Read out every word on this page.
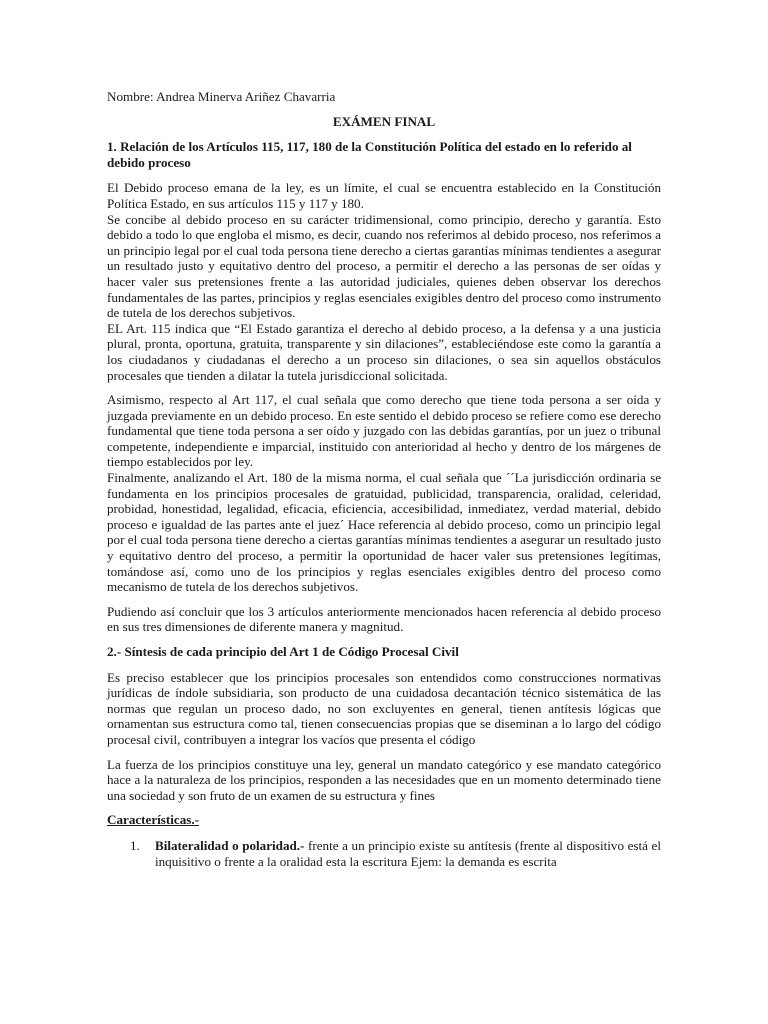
Nombre: Andrea Minerva Ariñez Chavarria
EXÁMEN FINAL
1. Relación de los Artículos 115, 117, 180 de la Constitución Política del estado en lo referido al debido proceso

El Debido proceso emana de la ley, es un límite, el cual se encuentra establecido en la Constitución Política Estado, en sus artículos 115 y 117 y 180.

Se concibe al debido proceso en su carácter tridimensional, como principio, derecho y garantía. Esto debido a todo lo que engloba el mismo, es decir, cuando nos referimos al debido proceso, nos referimos a un principio legal por el cual toda persona tiene derecho a ciertas garantías mínimas tendientes a asegurar un resultado justo y equitativo dentro del proceso, a permitir el derecho a las personas de ser oídas y hacer valer sus pretensiones frente a las autoridad judiciales, quienes deben observar los derechos fundamentales de las partes, principios y reglas esenciales exigibles dentro del proceso como instrumento de tutela de los derechos subjetivos.

EL Art. 115 indica que “El Estado garantiza el derecho al debido proceso, a la defensa y a una justicia plural, pronta, oportuna, gratuita, transparente y sin dilaciones”, estableciéndose este como la garantía a los ciudadanos y ciudadanas el derecho a un proceso sin dilaciones, o sea sin aquellos obstáculos procesales que tienden a dilatar la tutela jurisdiccional solicitada.

Asimismo, respecto al Art 117, el cual señala que como derecho que tiene toda persona a ser oída y juzgada previamente en un debido proceso. En este sentido el debido proceso se refiere como ese derecho fundamental que tiene toda persona a ser oído y juzgado con las debidas garantías, por un juez o tribunal competente, independiente e imparcial, instituido con anterioridad al hecho y dentro de los márgenes de tiempo establecidos por ley.

Finalmente, analizando el Art. 180 de la misma norma, el cual señala que ´´La jurisdicción ordinaria se fundamenta en los principios procesales de gratuidad, publicidad, transparencia, oralidad, celeridad, probidad, honestidad, legalidad, eficacia, eficiencia, accesibilidad, inmediatez, verdad material, debido proceso e igualdad de las partes ante el juez´ Hace referencia al debido proceso, como un principio legal por el cual toda persona tiene derecho a ciertas garantías mínimas tendientes a asegurar un resultado justo y equitativo dentro del proceso, a permitir la oportunidad de hacer valer sus pretensiones legítimas, tomándose así, como uno de los principios y reglas esenciales exigibles dentro del proceso como mecanismo de tutela de los derechos subjetivos.

Pudiendo así concluir que los 3 artículos anteriormente mencionados hacen referencia al debido proceso en sus tres dimensiones de diferente manera y magnitud.

2.- Síntesis de cada principio del Art 1 de Código Procesal Civil

Es preciso establecer que los principios procesales son entendidos como construcciones normativas jurídicas de índole subsidiaria, son producto de una cuidadosa decantación técnico sistemática de las normas que regulan un proceso dado, no son excluyentes en general, tienen antítesis lógicas que ornamentan sus estructura como tal, tienen consecuencias propias que se diseminan a lo largo del código procesal civil, contribuyen a integrar los vacíos que presenta el código

La fuerza de los principios constituye una ley, general un mandato categórico y ese mandato categórico hace a la naturaleza de los principios, responden a las necesidades que en un momento determinado tiene una sociedad y son fruto de un examen de su estructura y fines

Características.-
1.	Bilateralidad o polaridad.- frente a un principio existe su antítesis (frente al dispositivo está el inquisitivo o frente a la oralidad esta la escritura Ejem: la demanda es escrita
